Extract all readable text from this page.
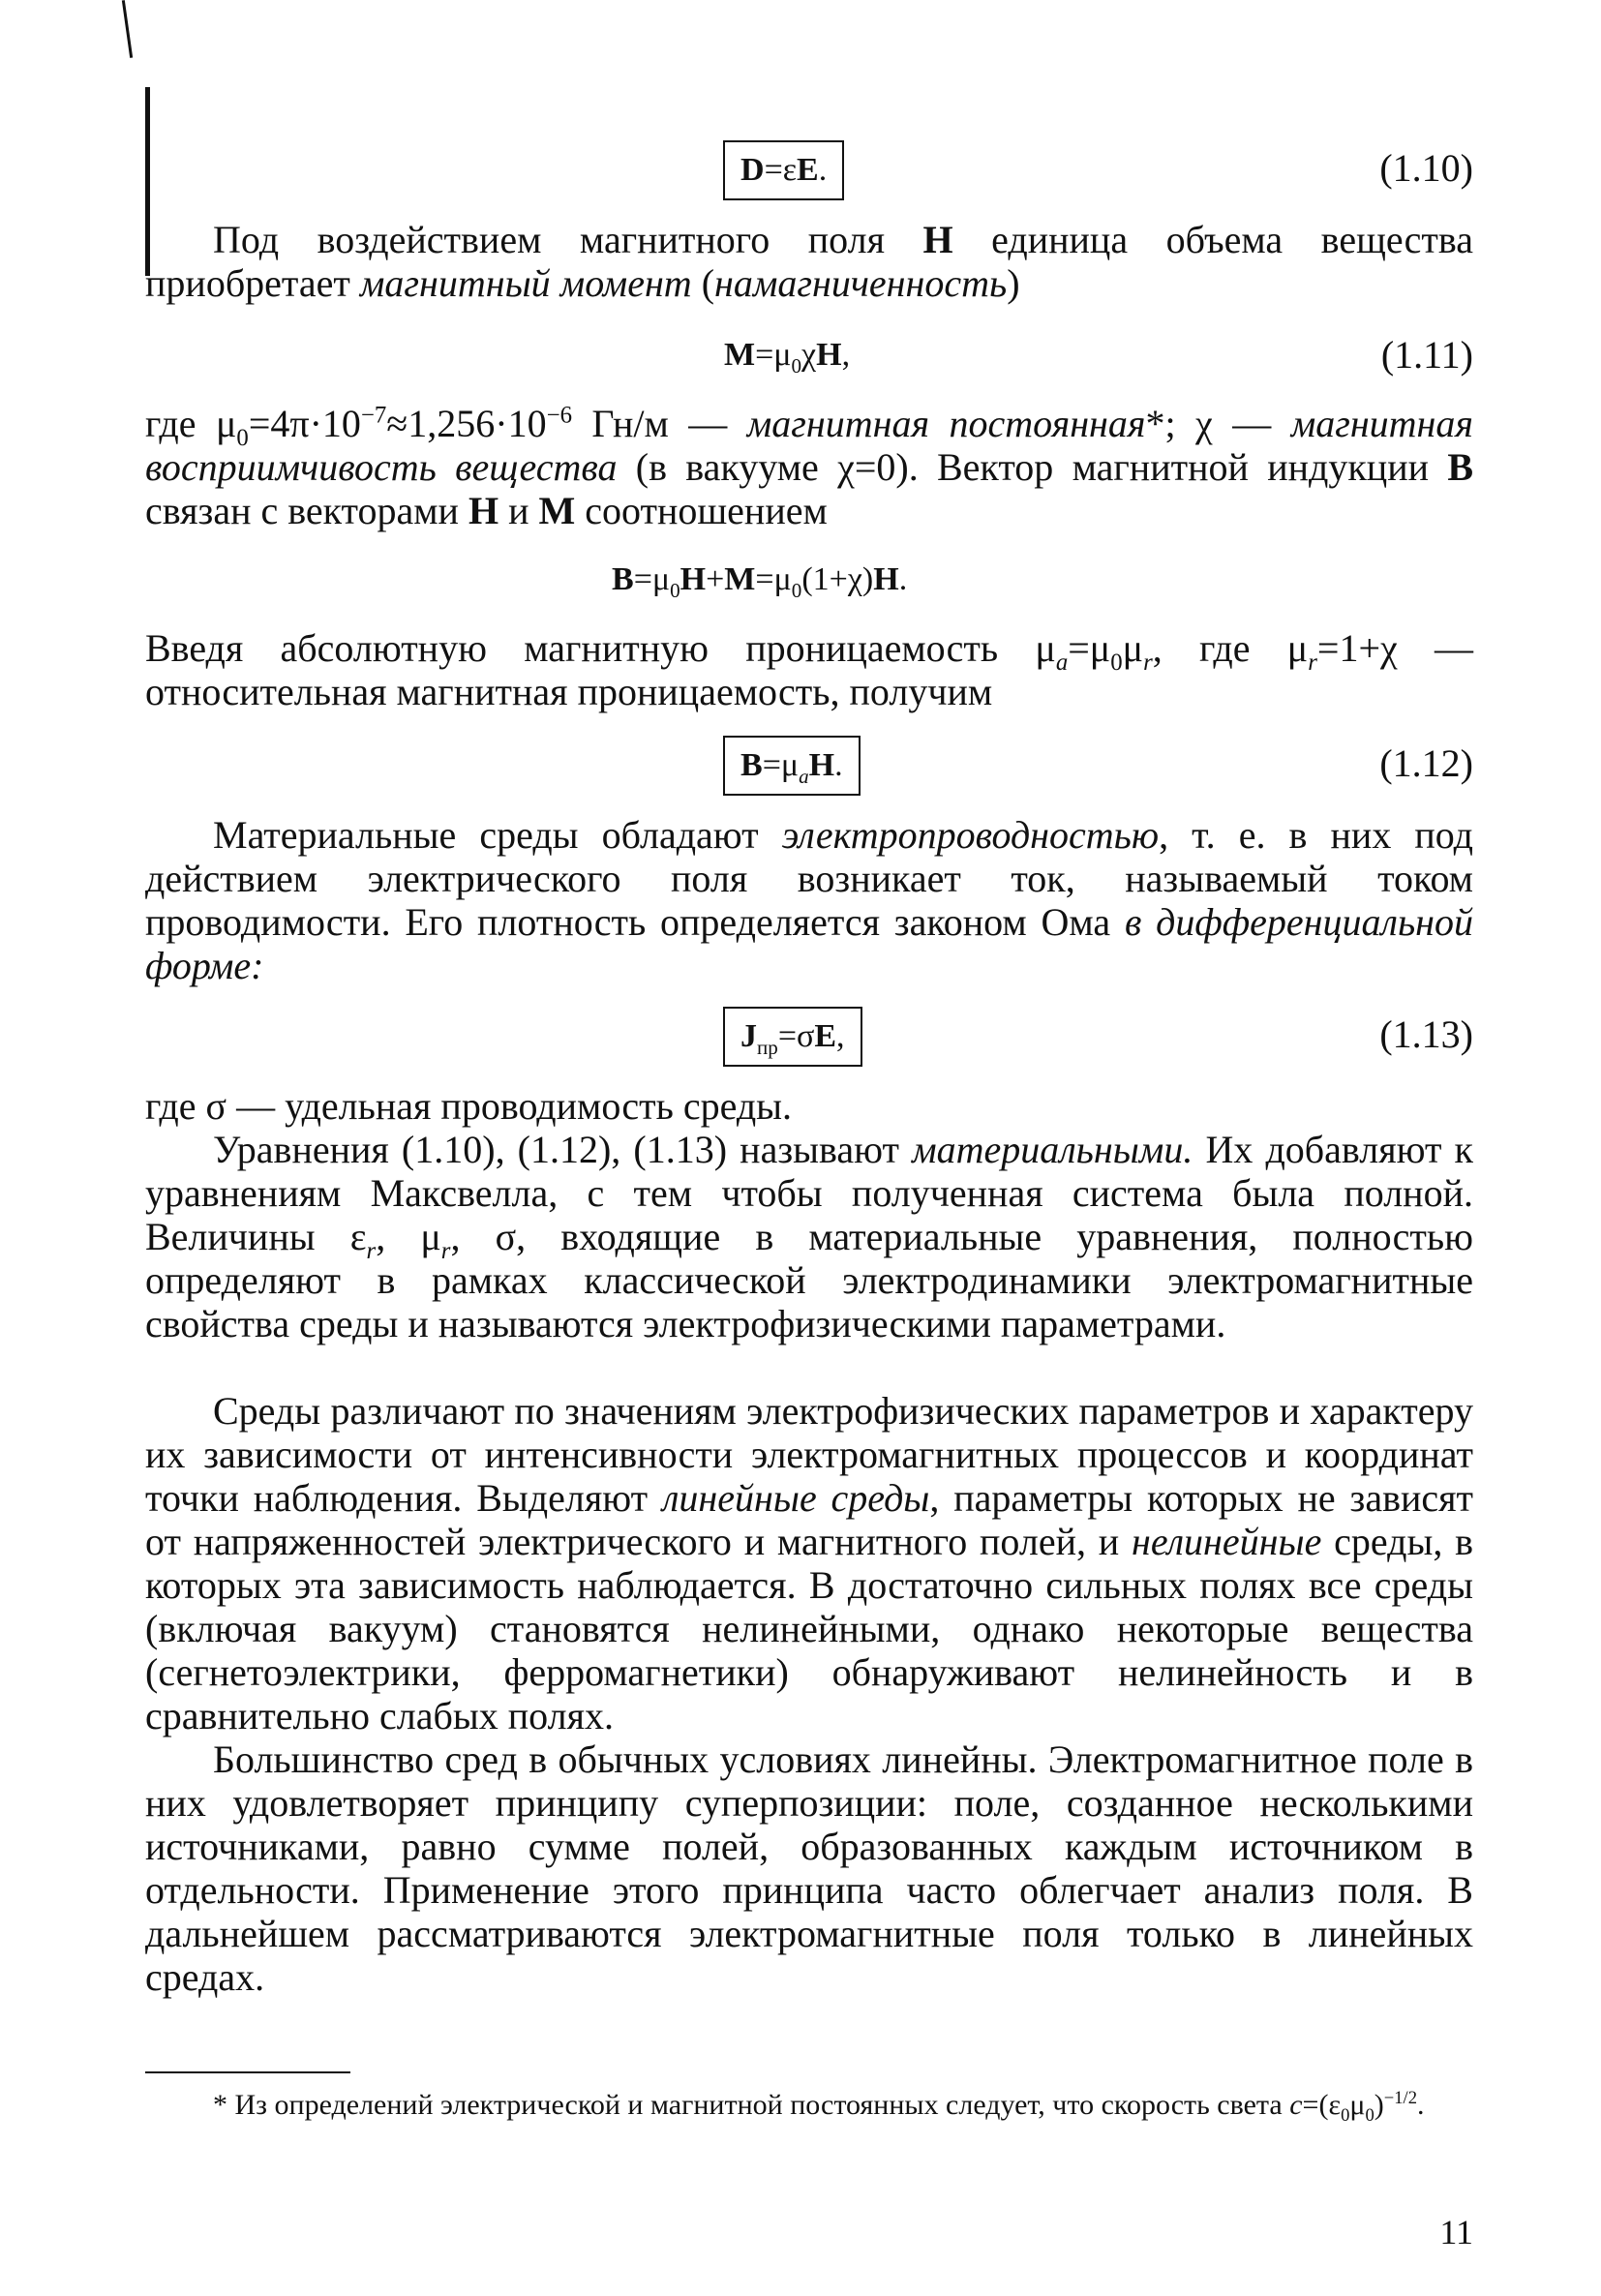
D=εE.	(1.10)

Под воздействием магнитного поля H единица объема вещества приобретает магнитный момент (намагниченность)

$M=\mu_0\chi H$,	(1.11)

где $\mu_0=4\pi\cdot 10^{-7}\approx 1,256\cdot 10^{-6}$ Гн/м — магнитная постоянная*; χ — магнитная восприимчивость вещества (в вакууме χ=0). Вектор магнитной индукции B связан с векторами H и M соотношением

$B=\mu_0H+M=\mu_0(1+\chi)H$.

Введя абсолютную магнитную проницаемость $\mu_a=\mu_0\mu_r$, где $\mu_r=1+\chi$ — относительная магнитная проницаемость, получим

$B=\mu_aH$.	(1.12)

Материальные среды обладают электропроводностью, т. е. в них под действием электрического поля возникает ток, называемый током проводимости. Его плотность определяется законом Ома в дифференциальной форме:

$J_{пр}=\sigma E$,	(1.13)

где σ — удельная проводимость среды.

Уравнения (1.10), (1.12), (1.13) называют материальными. Их добавляют к уравнениям Максвелла, с тем чтобы полученная система была полной. Величины $\varepsilon_r$, $\mu_r$, σ, входящие в материальные уравнения, полностью определяют в рамках классической электродинамики электромагнитные свойства среды и называются электрофизическими параметрами.

Среды различают по значениям электрофизических параметров и характеру их зависимости от интенсивности электромагнитных процессов и координат точки наблюдения. Выделяют линейные среды, параметры которых не зависят от напряженностей электрического и магнитного полей, и нелинейные среды, в которых эта зависимость наблюдается. В достаточно сильных полях все среды (включая вакуум) становятся нелинейными, однако некоторые вещества (сегнетоэлектрики, ферромагнетики) обнаруживают нелинейность и в сравнительно слабых полях.

Большинство сред в обычных условиях линейны. Электромагнитное поле в них удовлетворяет принципу суперпозиции: поле, созданное несколькими источниками, равно сумме полей, образованных каждым источником в отдельности. Применение этого принципа часто облегчает анализ поля. В дальнейшем рассматриваются электромагнитные поля только в линейных средах.

* Из определений электрической и магнитной постоянных следует, что скорость света $c=(\varepsilon_0\mu_0)^{-1/2}$.

11
